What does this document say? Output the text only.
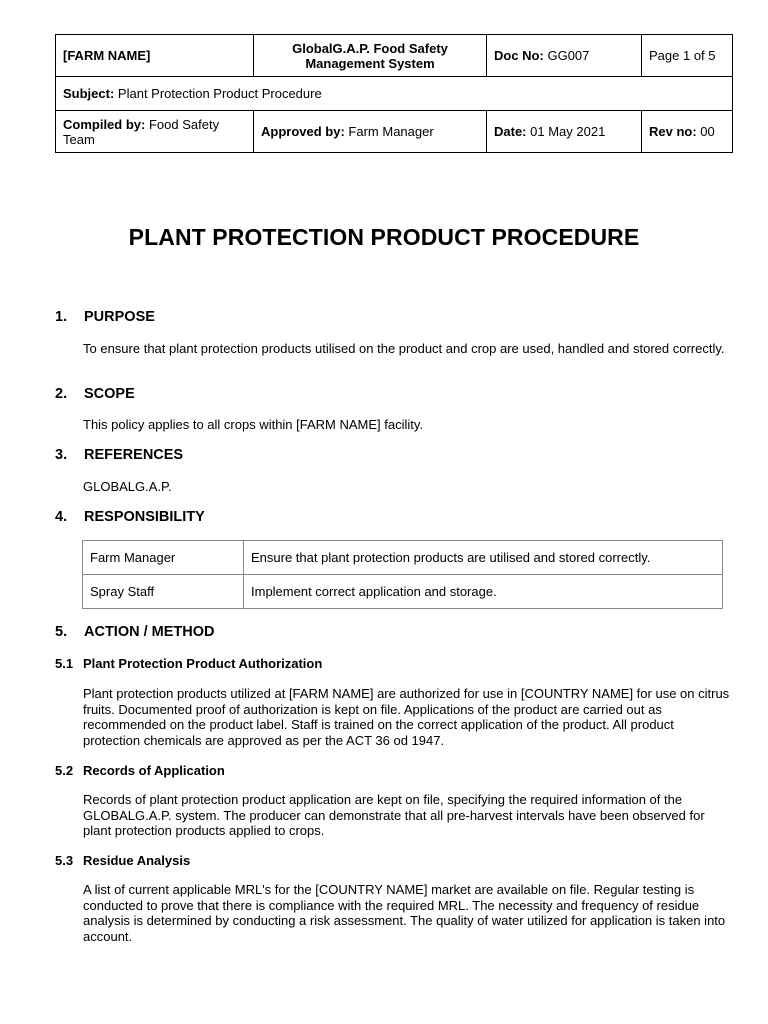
[FARM NAME]	GlobalG.A.P. Food Safety Management System	Doc No: GG007	Page 1 of 5
Subject: Plant Protection Product Procedure			
Compiled by: Food Safety Team	Approved by: Farm Manager	Date: 01 May 2021	Rev no: 00
PLANT PROTECTION PRODUCT PROCEDURE
1. PURPOSE
To ensure that plant protection products utilised on the product and crop are used, handled and stored correctly.
2. SCOPE
This policy applies to all crops within [FARM NAME] facility.
3. REFERENCES
GLOBALG.A.P.
4. RESPONSIBILITY
Farm Manager	Ensure that plant protection products are utilised and stored correctly.
Spray Staff	Implement correct application and storage.
5. ACTION / METHOD
5.1 Plant Protection Product Authorization
Plant protection products utilized at [FARM NAME] are authorized for use in [COUNTRY NAME] for use on citrus fruits. Documented proof of authorization is kept on file. Applications of the product are carried out as recommended on the product label. Staff is trained on the correct application of the product. All product protection chemicals are approved as per the ACT 36 od 1947.
5.2 Records of Application
Records of plant protection product application are kept on file, specifying the required information of the GLOBALG.A.P. system. The producer can demonstrate that all pre-harvest intervals have been observed for plant protection products applied to crops.
5.3 Residue Analysis
A list of current applicable MRL's for the [COUNTRY NAME] market are available on file. Regular testing is conducted to prove that there is compliance with the required MRL. The necessity and frequency of residue analysis is determined by conducting a risk assessment. The quality of water utilized for application is taken into account.
